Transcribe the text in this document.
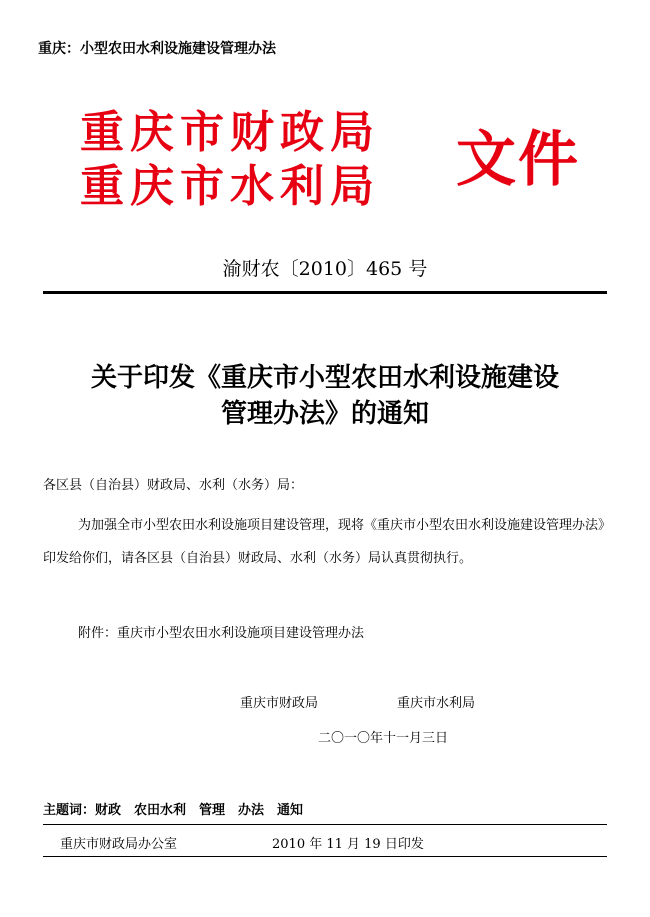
重庆：小型农田水利设施建设管理办法
重庆市财政局
重庆市水利局 文件
渝财农〔2010〕465 号
关于印发《重庆市小型农田水利设施建设
管理办法》的通知
各区县（自治县）财政局、水利（水务）局：
为加强全市小型农田水利设施项目建设管理，现将《重庆市小型农田水利设施建设管理办法》
印发给你们，请各区县（自治县）财政局、水利（水务）局认真贯彻执行。
附件：重庆市小型农田水利设施项目建设管理办法
重庆市财政局	重庆市水利局
二〇一〇年十一月三日
主题词：财政　农田水利　管理　办法　通知
重庆市财政局办公室	2010 年 11 月 19 日印发
